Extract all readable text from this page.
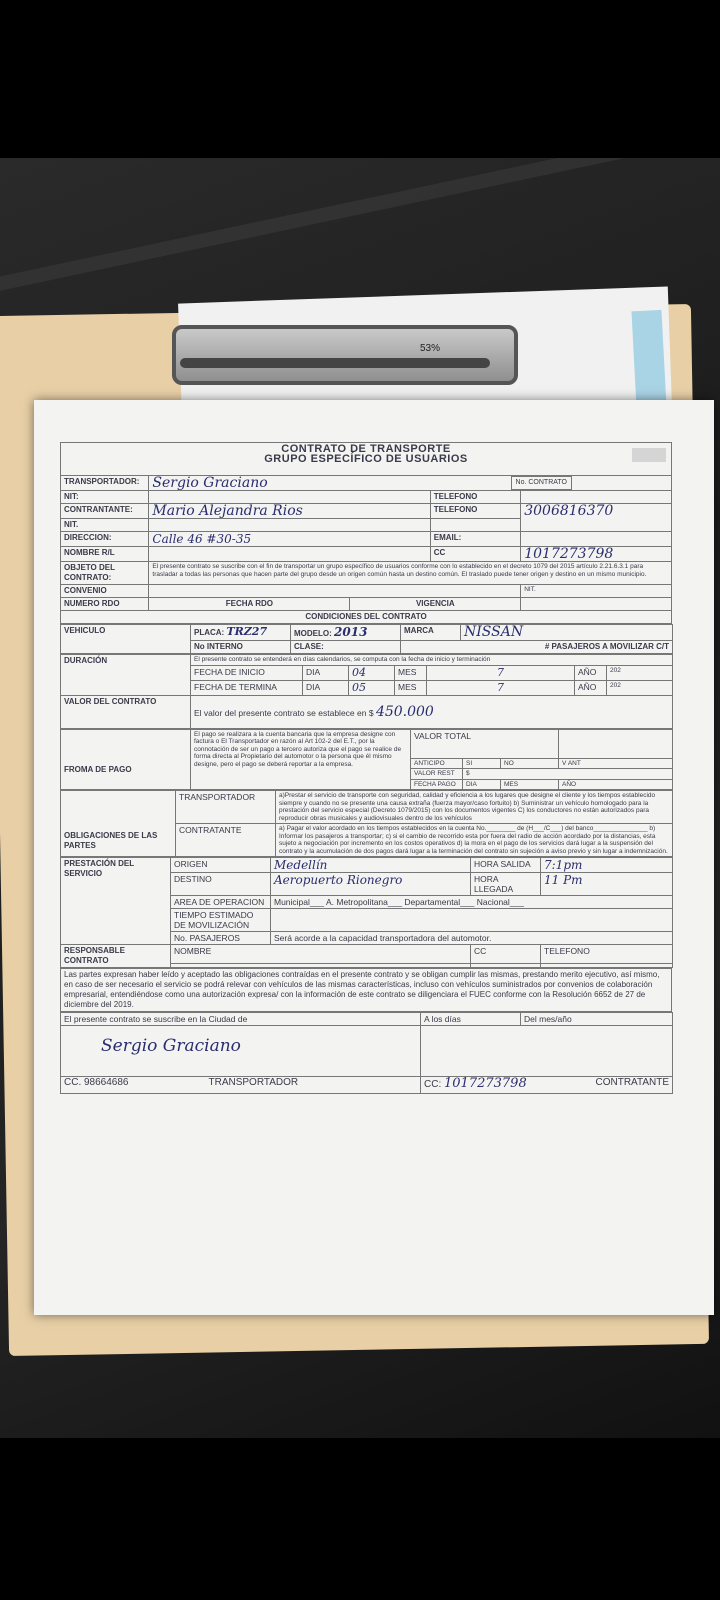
53%
CONTRATO DE TRANSPORTE
GRUPO ESPECÍFICO DE USUARIOS
No. CONTRATO				

TRANSPORTADOR:	Sergio Graciano			
NIT:			TELEFONO	
CONTRANTANTE:	Mario Alejandra Rios		TELEFONO	3006816370
NIT.				
DIRECCION:	Calle 46 #30-35		EMAIL:	
NOMBRE R/L			CC	1017273798
OBJETO DEL CONTRATO:	El presente contrato se suscribe con el fin de transportar un grupo específico de usuarios conforme con lo establecido en el decreto 1079 del 2015 artículo 2.21.6.3.1 para trasladar a todas las personas que hacen parte del grupo desde un origen común hasta un destino común. El traslado puede tener origen y destino en un mismo municipio.			
CONVENIO				NIT.
NUMERO RDO	FECHA RDO	VIGENCIA		
CONDICIONES DEL CONTRATO				
VEHICULO	PLACA: TRZ27	MODELO: 2013	MARCA	NISSAN
	No INTERNO	CLASE:	# PASAJEROS A MOVILIZAR C/T	
DURACIÓN	El presente contrato se entenderá en días calendarios, se computa con la fecha de inicio y terminación						
	FECHA DE INICIO	DIA	04	MES	7	AÑO	202
	FECHA DE TERMINA	DIA	05	MES	7	AÑO	202
VALOR DEL CONTRATO	El valor del presente contrato se establece en $ 450.000						
FROMA DE PAGO	El pago se realizara a la cuenta bancaria que la empresa designe con factura o El Transportador en razón al Art 102-2 del E.T., por la connotación de ser un pago a tercero autoriza que el pago se realice de forma directa al Propietario del automotor o la persona que él mismo designe, pero el pago se deberá reportar a la empresa.	VALOR TOTAL			
		ANTICIPO	SI	NO	V ANT
		VALOR REST	$		
		FECHA PAGO	DIA	MES	AÑO
OBLIGACIONES DE LAS PARTES	TRANSPORTADOR	a)Prestar el servicio de transporte con seguridad, calidad y eficiencia a los lugares que designe el cliente y los tiempos establecido siempre y cuando no se presente una causa extraña (fuerza mayor/caso fortuito) b) Suministrar un vehículo homologado para la prestación del servicio especial (Decreto 1079/2015) con los documentos vigentes C) los conductores no están autorizados para reproducir obras musicales y audiovisuales dentro de los vehículos
	CONTRATANTE	a) Pagar el valor acordado en los tiempos establecidos en la cuenta No.________ de (H___/C___) del banco_______________ b) Informar los pasajeros a transportar; c) si el cambio de recorrido esta por fuera del radio de acción acordado por la distancias, esta sujeto a negociación por incremento en los costos operativos d) la mora en el pago de los servicios dará lugar a la suspensión del contrato y la acumulación de dos pagos dará lugar a la terminación del contrato sin sujeción a aviso previo y sin lugar a indemnización.
PRESTACIÓN DEL SERVICIO	ORIGEN	Medellín	HORA SALIDA	7:1pm
	DESTINO	Aeropuerto Rionegro	HORA LLEGADA	11 Pm
	AREA DE OPERACION	Municipal___ A. Metropolitana___ Departamental___ Nacional___		
	TIEMPO ESTIMADO DE MOVILIZACIÓN			
	No. PASAJEROS	Será acorde a la capacidad transportadora del automotor.		
RESPONSABLE CONTRATO	NOMBRE		CC	TELEFONO

Las partes expresan haber leído y aceptado las obligaciones contraídas en el presente contrato y se obligan cumplir las mismas, prestando merito ejecutivo, así mismo, en caso de ser necesario el servicio se podrá relevar con vehículos de las mismas características, incluso con vehículos suministrados por convenios de colaboración empresarial, entendiéndose como una autorización expresa/ con la información de este contrato se diligenciara el FUEC conforme con la Resolución 6652 de 27 de diciembre del 2019.
El presente contrato se suscribe en la Ciudad de	A los días	Del mes/año

Sergio Graciano		

CC. 98664686 TRANSPORTADOR	CC: 1017273798 CONTRATANTE	
